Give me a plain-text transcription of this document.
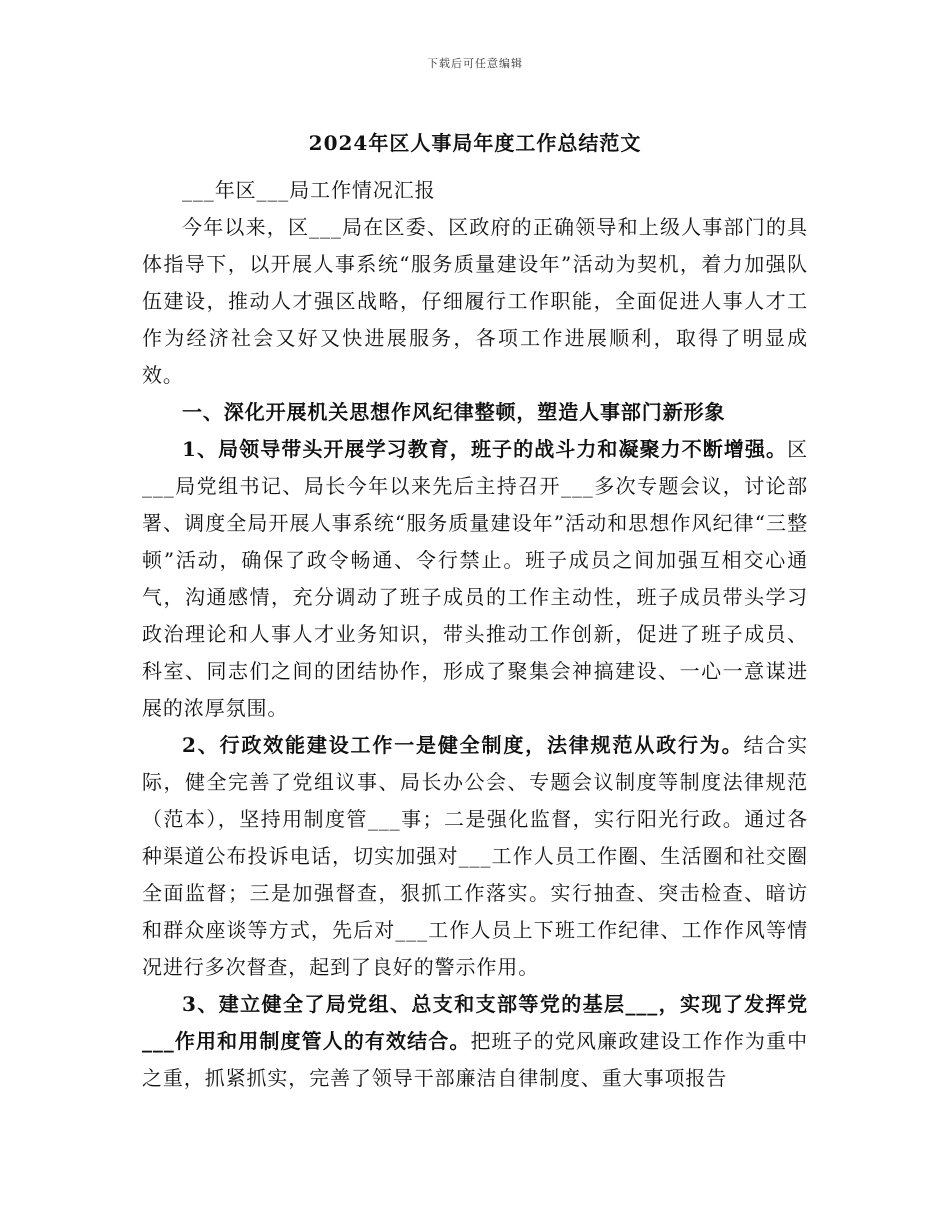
下载后可任意编辑
2024年区人事局年度工作总结范文

___年区___局工作情况汇报

今年以来，区___局在区委、区政府的正确领导和上级人事部门的具体指导下，以开展人事系统“服务质量建设年”活动为契机，着力加强队伍建设，推动人才强区战略，仔细履行工作职能，全面促进人事人才工作为经济社会又好又快进展服务，各项工作进展顺利，取得了明显成效。

一、深化开展机关思想作风纪律整顿，塑造人事部门新形象

1、局领导带头开展学习教育，班子的战斗力和凝聚力不断增强。区___局党组书记、局长今年以来先后主持召开___多次专题会议，讨论部署、调度全局开展人事系统“服务质量建设年”活动和思想作风纪律“三整顿”活动，确保了政令畅通、令行禁止。班子成员之间加强互相交心通气，沟通感情，充分调动了班子成员的工作主动性，班子成员带头学习政治理论和人事人才业务知识，带头推动工作创新，促进了班子成员、科室、同志们之间的团结协作，形成了聚集会神搞建设、一心一意谋进展的浓厚氛围。

2、行政效能建设工作一是健全制度，法律规范从政行为。结合实际，健全完善了党组议事、局长办公会、专题会议制度等制度法律规范（范本），坚持用制度管___事；二是强化监督，实行阳光行政。通过各种渠道公布投诉电话，切实加强对___工作人员工作圈、生活圈和社交圈全面监督；三是加强督查，狠抓工作落实。实行抽查、突击检查、暗访和群众座谈等方式，先后对___工作人员上下班工作纪律、工作作风等情况进行多次督查，起到了良好的警示作用。

3、建立健全了局党组、总支和支部等党的基层___，实现了发挥党___作用和用制度管人的有效结合。把班子的党风廉政建设工作作为重中之重，抓紧抓实，完善了领导干部廉洁自律制度、重大事项报告
